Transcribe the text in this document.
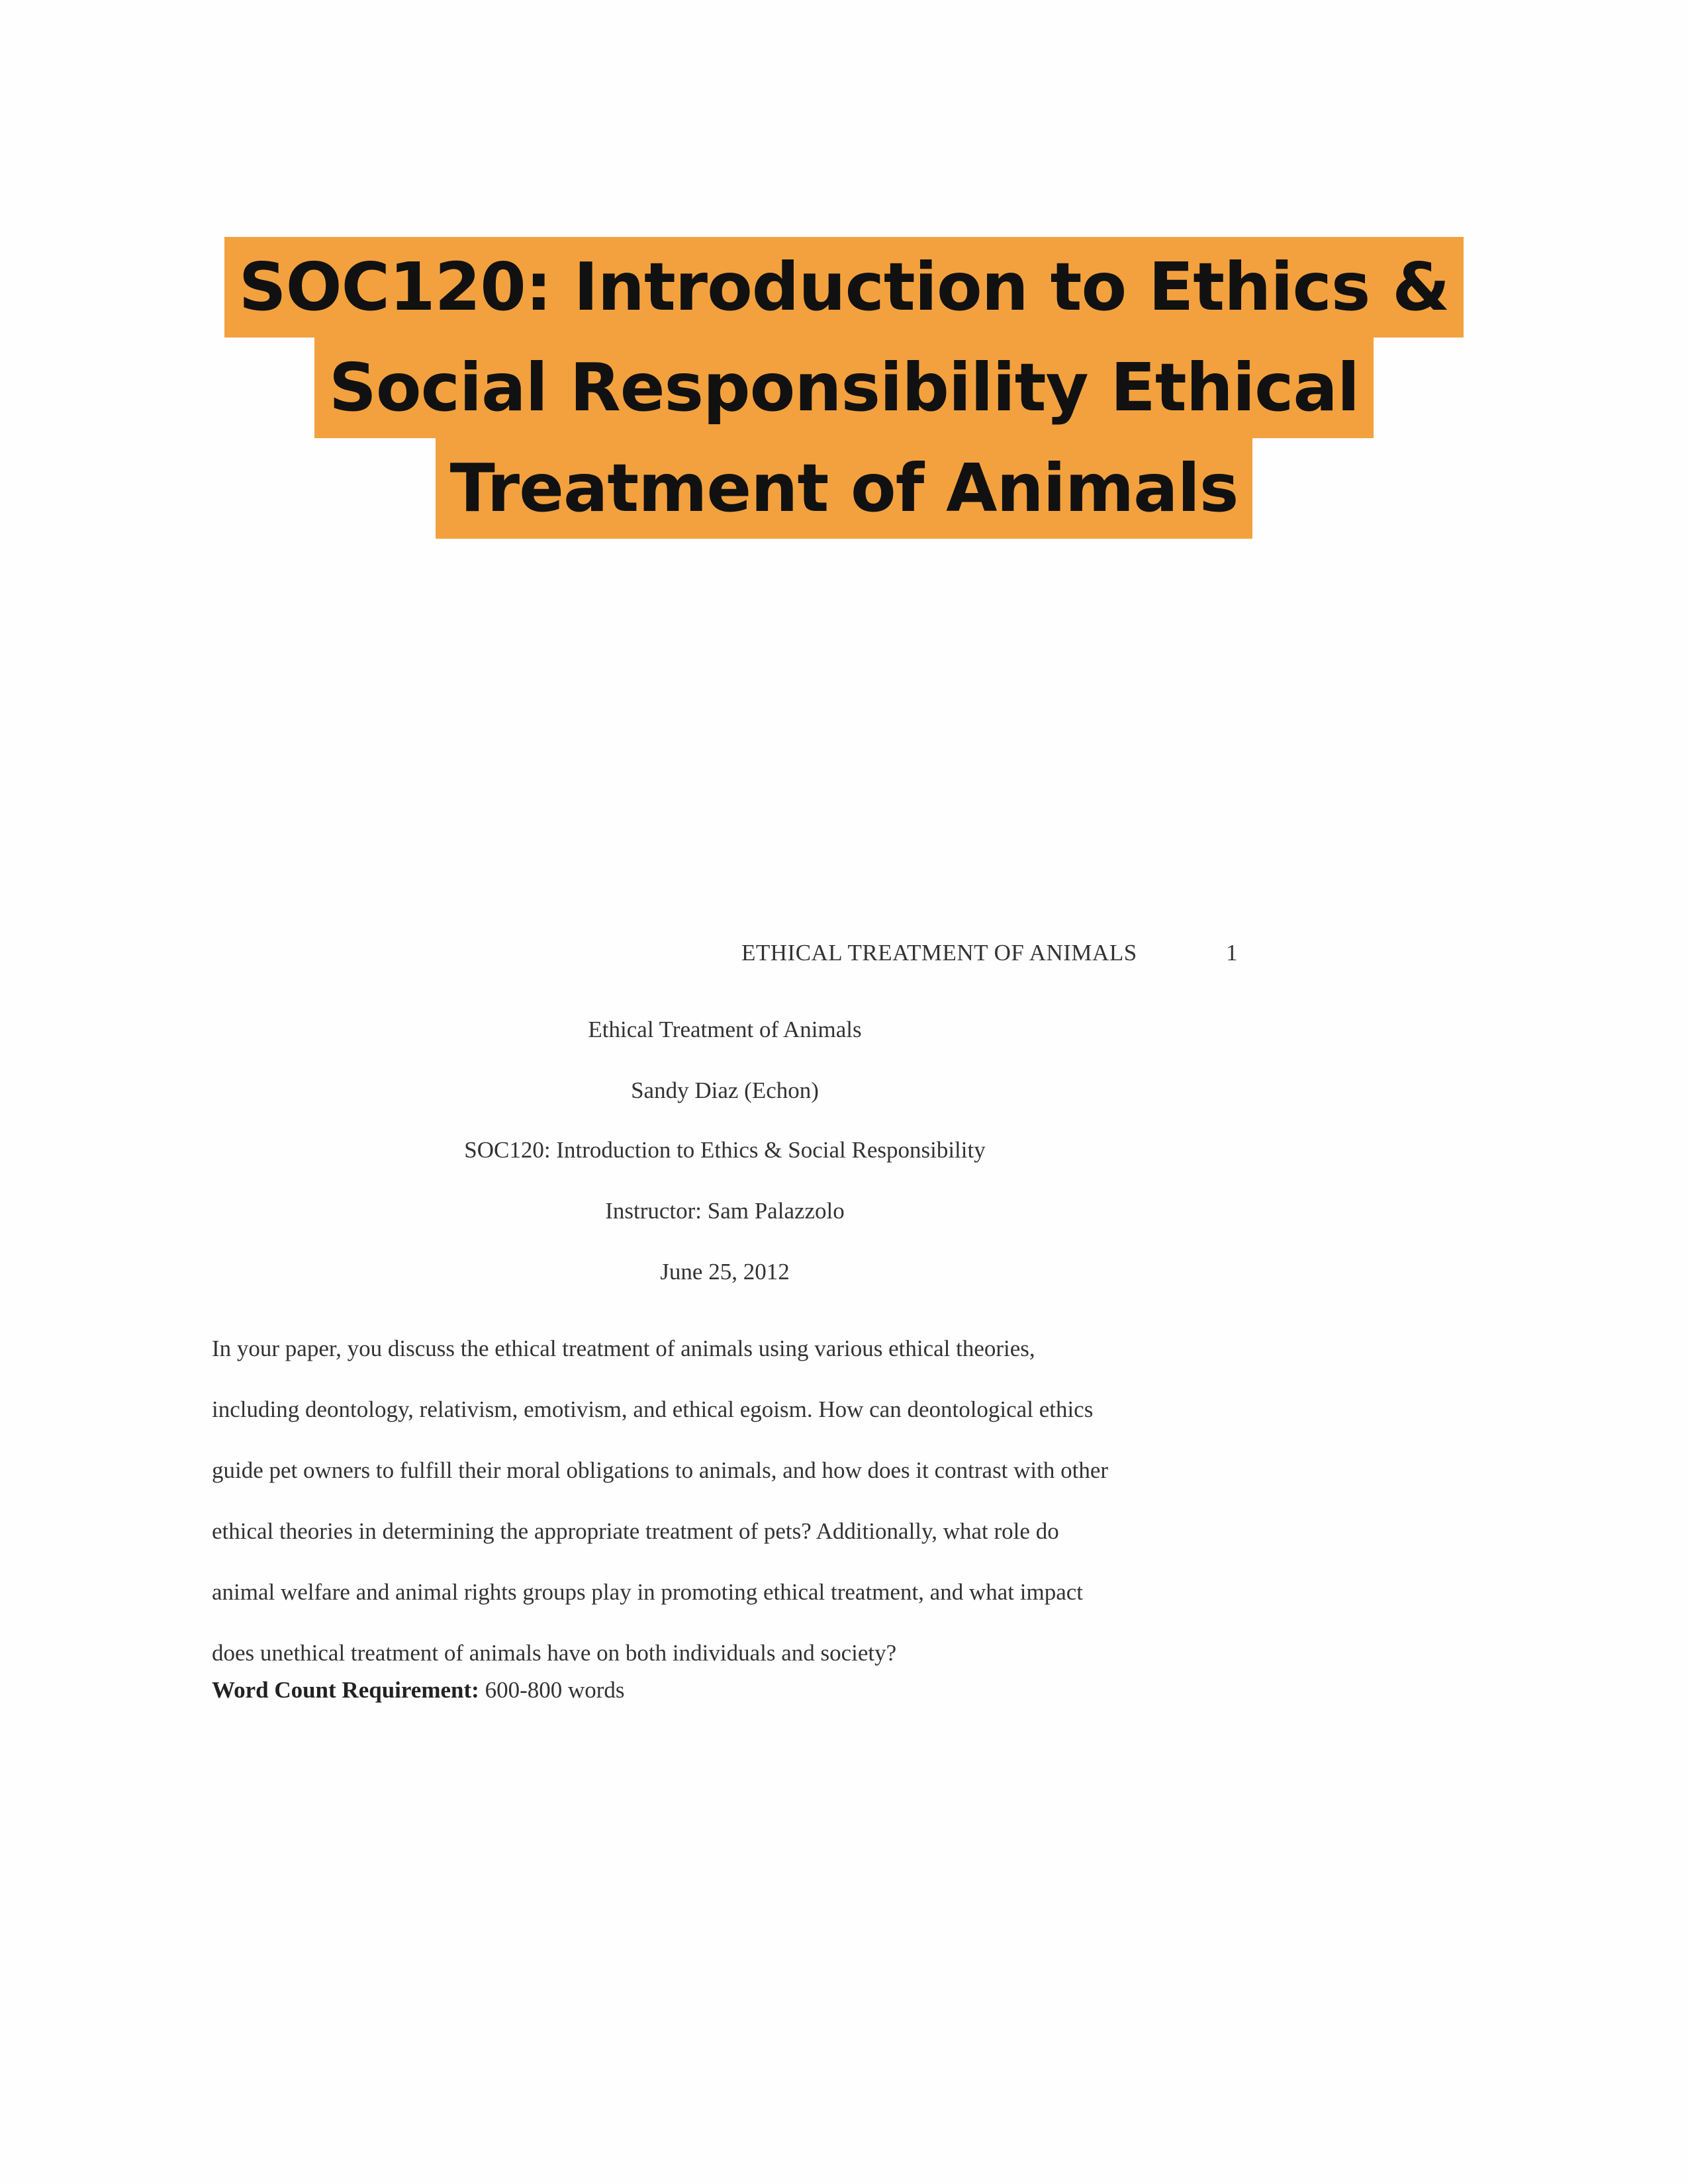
SOC120: Introduction to Ethics &
Social Responsibility Ethical
Treatment of Animals
ETHICAL TREATMENT OF ANIMALS	1
Ethical Treatment of Animals
Sandy Diaz (Echon)
SOC120: Introduction to Ethics & Social Responsibility
Instructor: Sam Palazzolo
June 25, 2012
In your paper, you discuss the ethical treatment of animals using various ethical theories,
including deontology, relativism, emotivism, and ethical egoism. How can deontological ethics
guide pet owners to fulfill their moral obligations to animals, and how does it contrast with other
ethical theories in determining the appropriate treatment of pets? Additionally, what role do
animal welfare and animal rights groups play in promoting ethical treatment, and what impact
does unethical treatment of animals have on both individuals and society?
Word Count Requirement: 600-800 words
